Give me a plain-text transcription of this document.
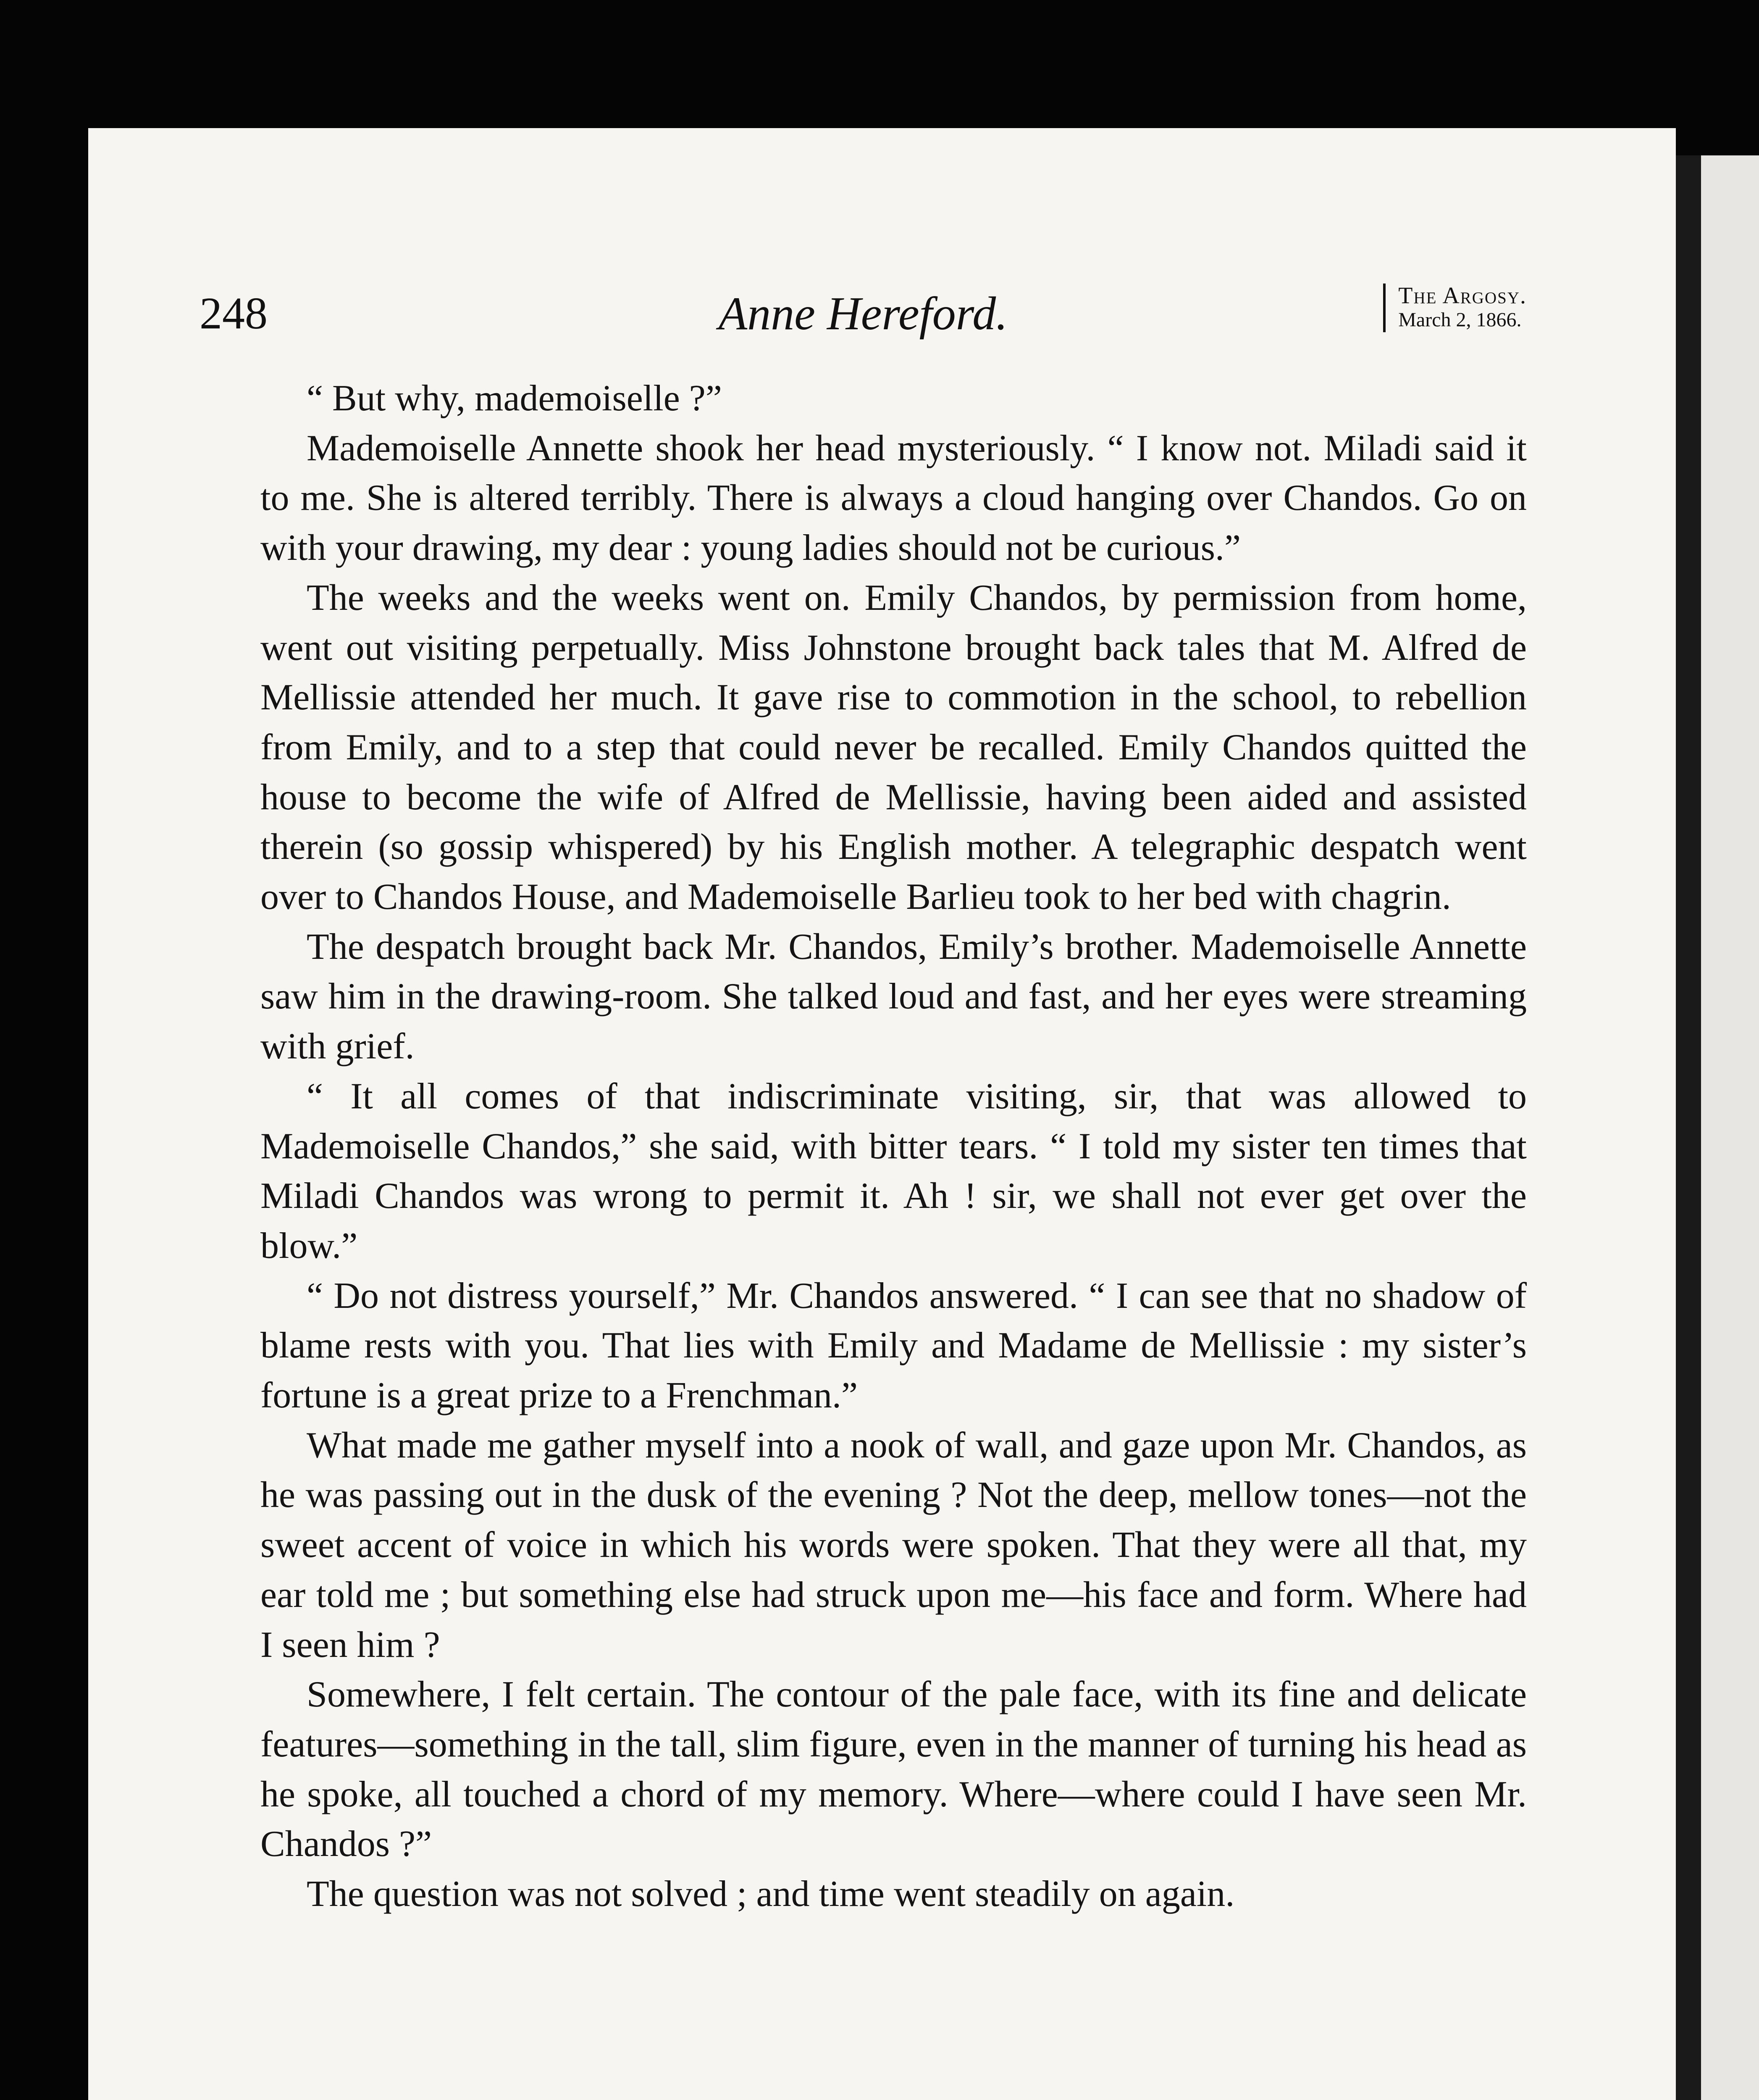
248	Anne Hereford.	The Argosy.
March 2, 1866.

“ But why, mademoiselle ?”

Mademoiselle Annette shook her head mysteriously. “ I know not. Miladi said it to me. She is altered terribly. There is always a cloud hanging over Chandos. Go on with your drawing, my dear : young ladies should not be curious.”

The weeks and the weeks went on. Emily Chandos, by permission from home, went out visiting perpetually. Miss Johnstone brought back tales that M. Alfred de Mellissie attended her much. It gave rise to commotion in the school, to rebellion from Emily, and to a step that could never be recalled. Emily Chandos quitted the house to become the wife of Alfred de Mellissie, having been aided and assisted therein (so gossip whispered) by his English mother. A telegraphic despatch went over to Chandos House, and Mademoiselle Barlieu took to her bed with chagrin.

The despatch brought back Mr. Chandos, Emily’s brother. Mademoiselle Annette saw him in the drawing-room. She talked loud and fast, and her eyes were streaming with grief.

“ It all comes of that indiscriminate visiting, sir, that was allowed to Mademoiselle Chandos,” she said, with bitter tears. “ I told my sister ten times that Miladi Chandos was wrong to permit it. Ah ! sir, we shall not ever get over the blow.”

“ Do not distress yourself,” Mr. Chandos answered. “ I can see that no shadow of blame rests with you. That lies with Emily and Madame de Mellissie : my sister’s fortune is a great prize to a Frenchman.”

What made me gather myself into a nook of wall, and gaze upon Mr. Chandos, as he was passing out in the dusk of the evening ? Not the deep, mellow tones—not the sweet accent of voice in which his words were spoken. That they were all that, my ear told me ; but something else had struck upon me—his face and form. Where had I seen him ?

Somewhere, I felt certain. The contour of the pale face, with its fine and delicate features—something in the tall, slim figure, even in the manner of turning his head as he spoke, all touched a chord of my memory. Where—where could I have seen Mr. Chandos ?”

The question was not solved ; and time went steadily on again.
